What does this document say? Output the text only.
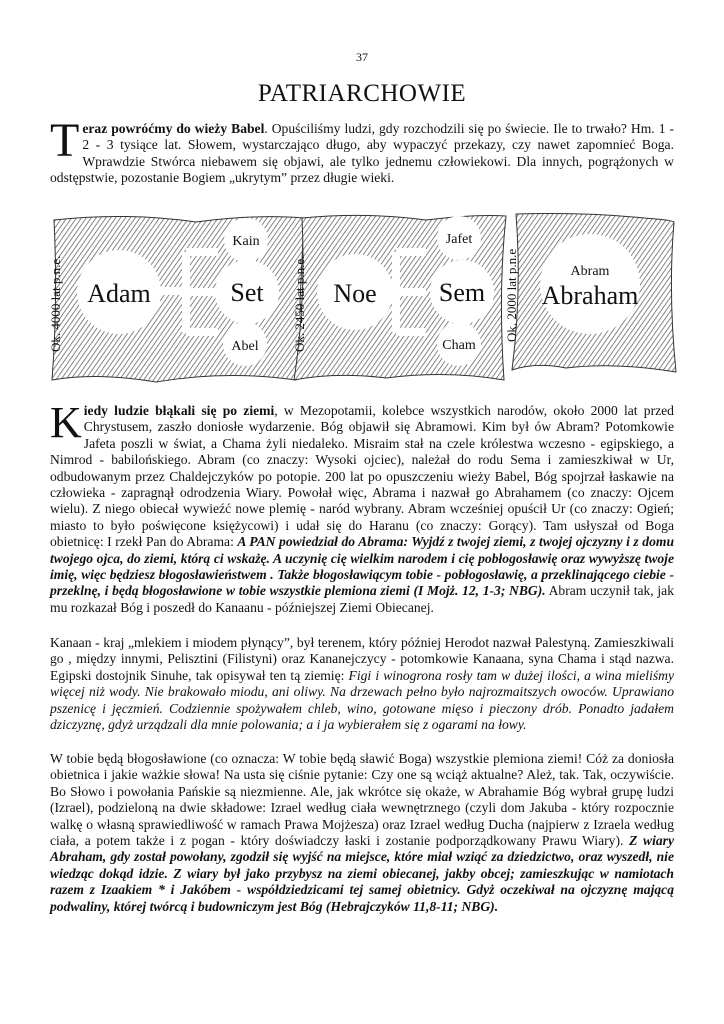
37
PATRIARCHOWIE

Teraz powróćmy do wieży Babel. Opuściliśmy ludzi, gdy rozchodzili się po świecie. Ile to trwało? Hm. 1 - 2 - 3 tysiące lat. Słowem, wystarczająco długo, aby wypaczyć przekazy, czy nawet zapomnieć Boga. Wprawdzie Stwórca niebawem się objawi, ale tylko jednemu człowiekowi. Dla innych, pogrążonych w odstępstwie, pozostanie Bogiem „ukrytym” przez długie wieki.

Ok. 4000 lat p.n.e. Adam
Kain
Set
Abel	Ok. 2450 lat p.n.e. Noe
Jafet
Sem
Cham
Ok. 2000 lat p.n.e	Abram
Abraham

Kiedy ludzie błąkali się po ziemi, w Mezopotamii, kolebce wszystkich narodów, około 2000 lat przed Chrystusem, zaszło doniosłe wydarzenie. Bóg objawił się Abramowi. Kim był ów Abram? Potomkowie Jafeta poszli w świat, a Chama żyli niedaleko. Misraim stał na czele królestwa wczesno - egipskiego, a Nimrod - babilońskiego. Abram (co znaczy: Wysoki ojciec), należał do rodu Sema i zamieszkiwał w Ur, odbudowanym przez Chaldejczyków po potopie. 200 lat po opuszczeniu wieży Babel, Bóg spojrzał łaskawie na człowieka - zapragnął odrodzenia Wiary. Powołał więc, Abrama i nazwał go Abrahamem (co znaczy: Ojcem wielu). Z niego obiecał wywieźć nowe plemię - naród wybrany. Abram wcześniej opuścił Ur (co znaczy: Ogień; miasto to było poświęcone księżycowi) i udał się do Haranu (co znaczy: Gorący). Tam usłyszał od Boga obietnicę: I rzekł Pan do Abrama: A PAN powiedział do Abrama: Wyjdź z twojej ziemi, z twojej ojczyzny i z domu twojego ojca, do ziemi, którą ci wskażę. A uczynię cię wielkim narodem i cię pobłogosławię oraz wywyższę twoje imię, więc będziesz błogosławieństwem . Także błogosławiącym tobie - pobłogosławię, a przeklinającego ciebie - przeklnę, i będą błogosławione w tobie wszystkie plemiona ziemi (I Mojż. 12, 1-3; NBG). Abram uczynił tak, jak mu rozkazał Bóg i poszedł do Kanaanu - późniejszej Ziemi Obiecanej.

Kanaan - kraj „mlekiem i miodem płynący”, był terenem, który później Herodot nazwał Palestyną. Zamieszkiwali go , między innymi, Pelisztini (Filistyni) oraz Kananejczycy - potomkowie Kanaana, syna Chama i stąd nazwa. Egipski dostojnik Sinuhe, tak opisywał ten tą ziemię: Figi i winogrona rosły tam w dużej ilości, a wina mieliśmy więcej niż wody. Nie brakowało miodu, ani oliwy. Na drzewach pełno było najrozmaitszych owoców. Uprawiano pszenicę i jęczmień. Codziennie spożywałem chleb, wino, gotowane mięso i pieczony drób. Ponadto jadałem dziczyznę, gdyż urządzali dla mnie polowania; a i ja wybierałem się z ogarami na łowy.

W tobie będą błogosławione (co oznacza: W tobie będą sławić Boga) wszystkie plemiona ziemi! Cóż za doniosła obietnica i jakie ważkie słowa! Na usta się ciśnie pytanie: Czy one są wciąż aktualne? Ależ, tak. Tak, oczywiście. Bo Słowo i powołania Pańskie są niezmienne. Ale, jak wkrótce się okaże, w Abrahamie Bóg wybrał grupę ludzi (Izrael), podzieloną na dwie składowe: Izrael według ciała wewnętrznego (czyli dom Jakuba - który rozpocznie walkę o własną sprawiedliwość w ramach Prawa Mojżesza) oraz Izrael według Ducha (najpierw z Izraela według ciała, a potem także i z pogan - który doświadczy łaski i zostanie podporządkowany Prawu Wiary). Z wiary Abraham, gdy został powołany, zgodził się wyjść na miejsce, które miał wziąć za dziedzictwo, oraz wyszedł, nie wiedząc dokąd idzie. Z wiary był jako przybysz na ziemi obiecanej, jakby obcej; zamieszkując w namiotach razem z Izaakiem * i Jakóbem - współdziedzicami tej samej obietnicy. Gdyż oczekiwał na ojczyznę mającą podwaliny, której twórcą i budowniczym jest Bóg (Hebrajczyków 11,8-11; NBG).
